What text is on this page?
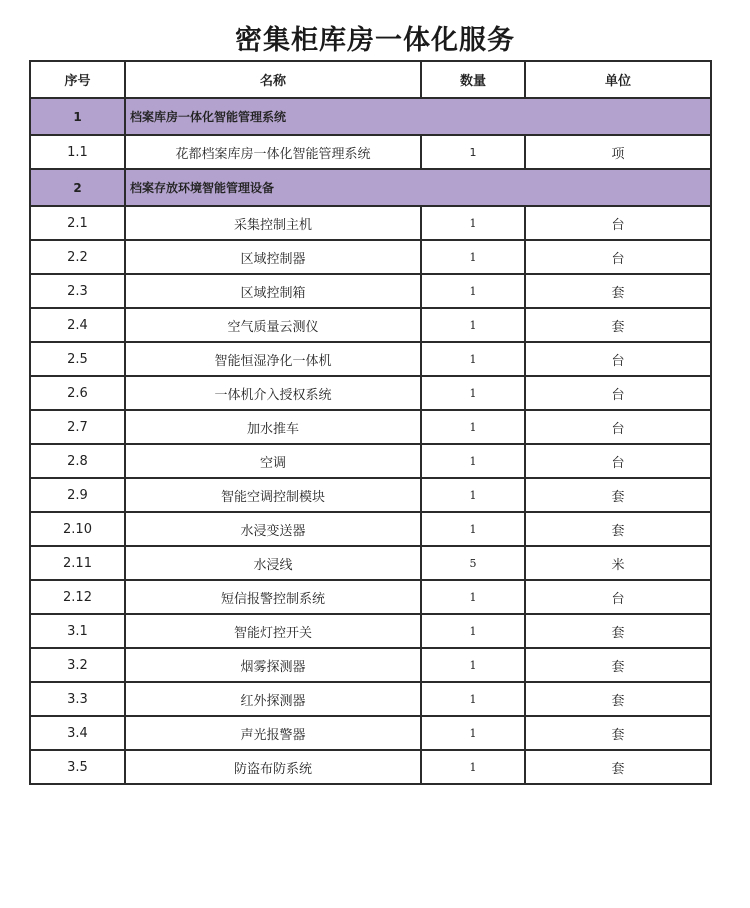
密集柜库房一体化服务
序号	名称	数量	单位
1	档案库房一体化智能管理系统		
1.1	花都档案库房一体化智能管理系统	1	项
2	档案存放环境智能管理设备		
2.1	采集控制主机	1	台
2.2	区域控制器	1	台
2.3	区域控制箱	1	套
2.4	空气质量云测仪	1	套
2.5	智能恒湿净化一体机	1	台
2.6	一体机介入授权系统	1	台
2.7	加水推车	1	台
2.8	空调	1	台
2.9	智能空调控制模块	1	套
2.10	水浸变送器	1	套
2.11	水浸线	5	米
2.12	短信报警控制系统	1	台
3.1	智能灯控开关	1	套
3.2	烟雾探测器	1	套
3.3	红外探测器	1	套
3.4	声光报警器	1	套
3.5	防盗布防系统	1	套
